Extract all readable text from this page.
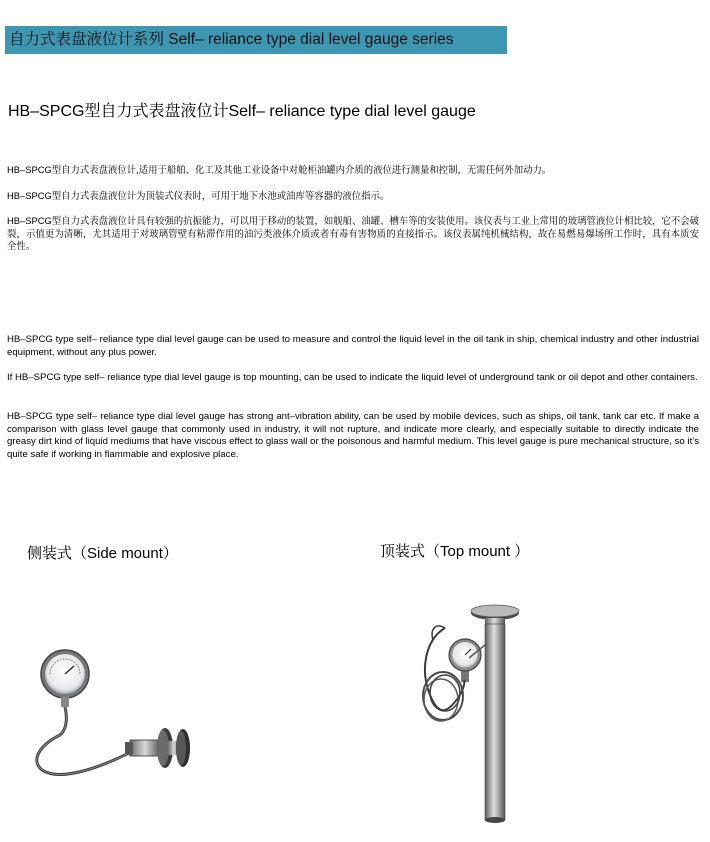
自力式表盘液位计系列 Self– reliance type dial level gauge series
HB–SPCG型自力式表盘液位计Self– reliance type dial level gauge

HB–SPCG型自力式表盘液位计,适用于船舶、化工及其他工业设备中对舱柜油罐内介质的液位进行测量和控制，无需任何外加动力。

HB–SPCG型自力式表盘液位计为顶装式仪表时，可用于地下水池或油库等容器的液位指示。

HB–SPCG型自力式表盘液位计具有较强的抗振能力，可以用于移动的装置，如舰船、油罐、槽车等的安装使用。该仪表与工业上常用的玻璃管液位计相比较，它不会破裂，示值更为清晰，尤其适用于对玻璃管壁有粘滞作用的油污类液体介质或者有毒有害物质的直接指示。该仪表属纯机械结构，故在易燃易爆场所工作时，具有本质安全性。

HB–SPCG type self– reliance type dial level gauge can be used to measure and control the liquid level in the oil tank in ship, chemical industry and other industrial equipment, without any plus power.

If HB–SPCG type self– reliance type dial level gauge is top mounting, can be used to indicate the liquid level of underground tank or oil depot and other containers.

HB–SPCG type self– reliance type dial level gauge has strong ant–vibration ability, can be used by mobile devices, such as ships, oil tank, tank car etc. If make a comparison with glass level gauge that commonly used in industry, it will not rupture, and indicate more clearly, and especially suitable to directly indicate the greasy dirt kind of liquid mediums that have viscous effect to glass wall or the poisonous and harmful medium. This level gauge is pure mechanical structure, so it’s quite safe if working in flammable and explosive place.

侧装式（Side mount）	顶装式（Top mount ）
